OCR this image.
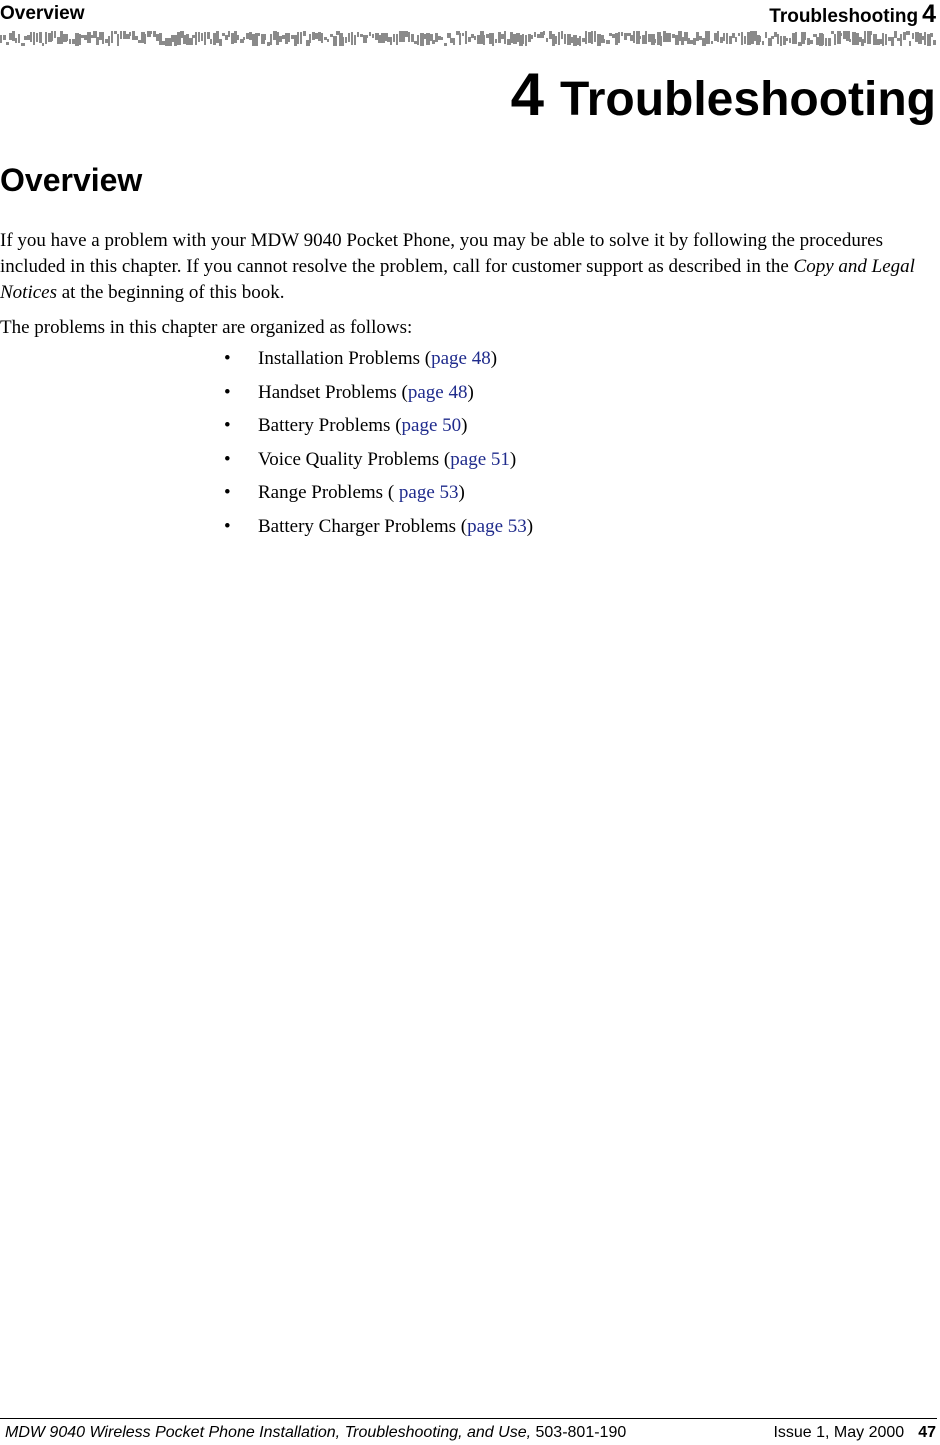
Overview	Troubleshooting 4
4 Troubleshooting
Overview
If you have a problem with your MDW 9040 Pocket Phone, you may be able to solve it by following the procedures included in this chapter. If you cannot resolve the problem, call for customer support as described in the Copy and Legal Notices at the beginning of this book.
The problems in this chapter are organized as follows:
• Installation Problems (page 48)
• Handset Problems (page 48)
• Battery Problems (page 50)
• Voice Quality Problems (page 51)
• Range Problems ( page 53)
• Battery Charger Problems (page 53)
MDW 9040 Wireless Pocket Phone Installation, Troubleshooting, and Use, 503-801-190	Issue 1, May 2000 47
